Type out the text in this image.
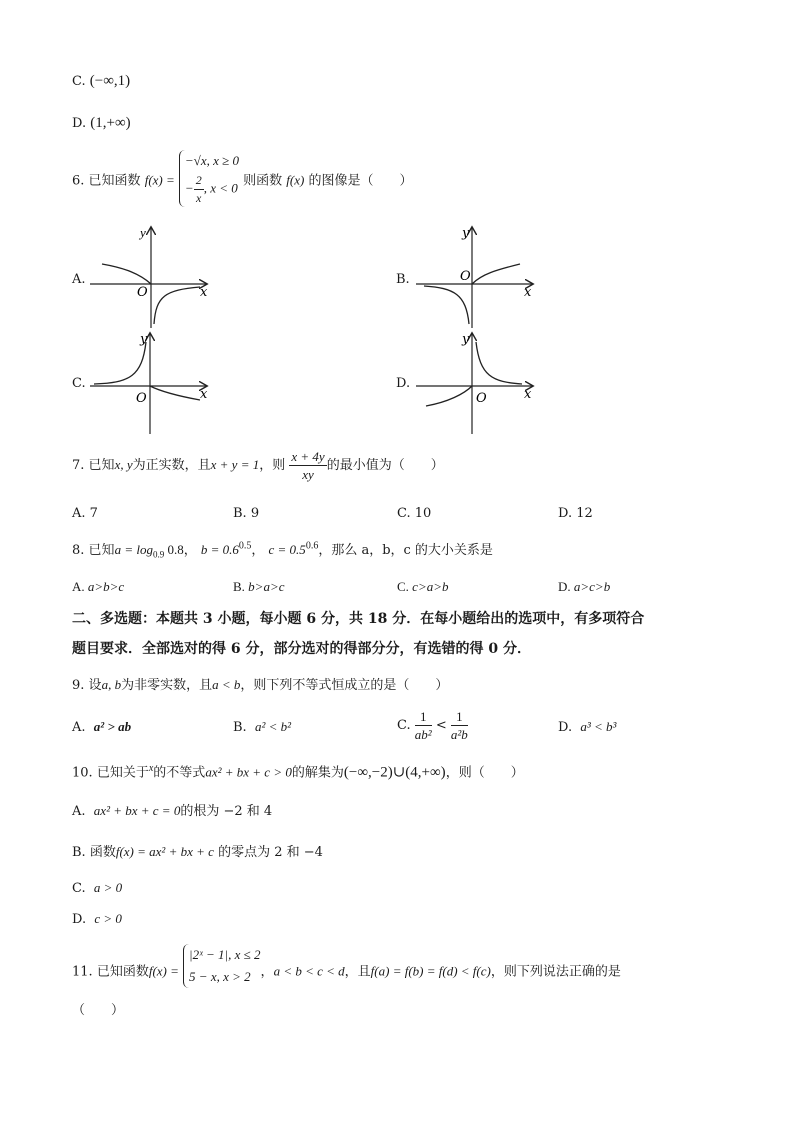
C. (−∞,1)
D. (1,+∞)
6. 已知函数 f(x) =
−√x, x ≥ 0
− $\frac{2}{x}$ , x < 0 则函数 f(x) 的图像是（　　）
A.	B.
C.	D.
y
x
O
y
x
O
y
x
O
y
x
O
7. 已知x, y为正实数，且x + y = 1，则 $\frac{x + 4y}{xy}$ 的最小值为（　　）
A. 7	B. 9	C. 10	D. 12
8. 已知$a = \log_{0.9} 0.8$， $b = 0.6^{0.5}$， $c = 0.5^{0.6}$，那么 a，b，c 的大小关系是
A. a>b>c	B. b>a>c	C. c>a>b	D. a>c>b
二、多选题：本题共 3 小题，每小题 6 分，共 18 分．在每小题给出的选项中，有多项符合
题目要求．全部选对的得 6 分，部分选对的得部分分，有选错的得 0 分．
9. 设a, b为非零实数，且a < b，则下列不等式恒成立的是（　　）
A. a² > ab	B. a² < b²	C. $\frac{1}{\text{ab²}} < \frac{1}{\text{a²b}}$	D. a³ < b³
10. 已知关于$^x$的不等式ax² + bx + c > 0的解集为(−∞,−2)∪(4,+∞)，则（　　）
A. ax² + bx + c = 0的根为 −2 和 4
B. 函数f(x) = ax² + bx + c 的零点为 2 和 −4
C. a > 0
D. c > 0
11. 已知函数f(x) =
|2ˣ − 1|, x ≤ 2
5 − x, x > 2 ，a < b < c < d，且f(a) = f(b) = f(d) < f(c)，则下列说法正确的是
（　　）
